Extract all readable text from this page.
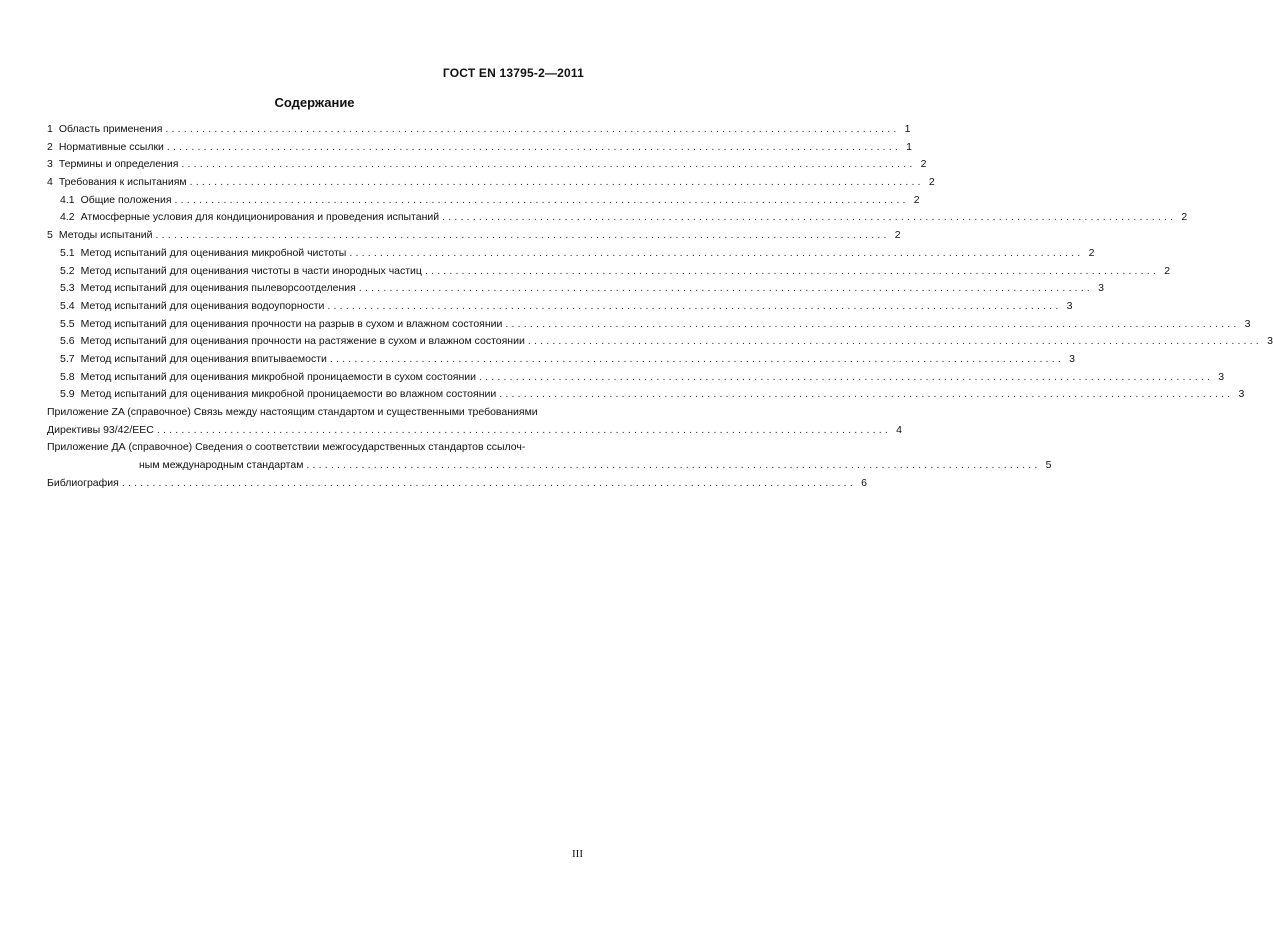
ГОСТ EN 13795-2—2011
Содержание
1 Область применения ........................................................................................................................ 1
2 Нормативные ссылки ........................................................................................................................ 1
3 Термины и определения ........................................................................................................................ 2
4 Требования к испытаниям ........................................................................................................................ 2
4.1 Общие положения ........................................................................................................................ 2
4.2 Атмосферные условия для кондиционирования и проведения испытаний ........................................................................................................................ 2
5 Методы испытаний ........................................................................................................................ 2
5.1 Метод испытаний для оценивания микробной чистоты ........................................................................................................................ 2
5.2 Метод испытаний для оценивания чистоты в части инородных частиц ........................................................................................................................ 2
5.3 Метод испытаний для оценивания пылеворсоотделения ........................................................................................................................ 3
5.4 Метод испытаний для оценивания водоупорности ........................................................................................................................ 3
5.5 Метод испытаний для оценивания прочности на разрыв в сухом и влажном состоянии ........................................................................................................................ 3
5.6 Метод испытаний для оценивания прочности на растяжение в сухом и влажном состоянии ........................................................................................................................ 3
5.7 Метод испытаний для оценивания впитываемости ........................................................................................................................ 3
5.8 Метод испытаний для оценивания микробной проницаемости в сухом состоянии ........................................................................................................................ 3
5.9 Метод испытаний для оценивания микробной проницаемости во влажном состоянии ........................................................................................................................ 3
Приложение ZA (справочное) Связь между настоящим стандартом и существенными требованиями
Директивы 93/42/ЕЕС ........................................................................................................................ 4
Приложение ДА (справочное) Сведения о соответствии межгосударственных стандартов ссылоч-
ным международным стандартам ........................................................................................................................ 5
Библиография ........................................................................................................................ 6
III
